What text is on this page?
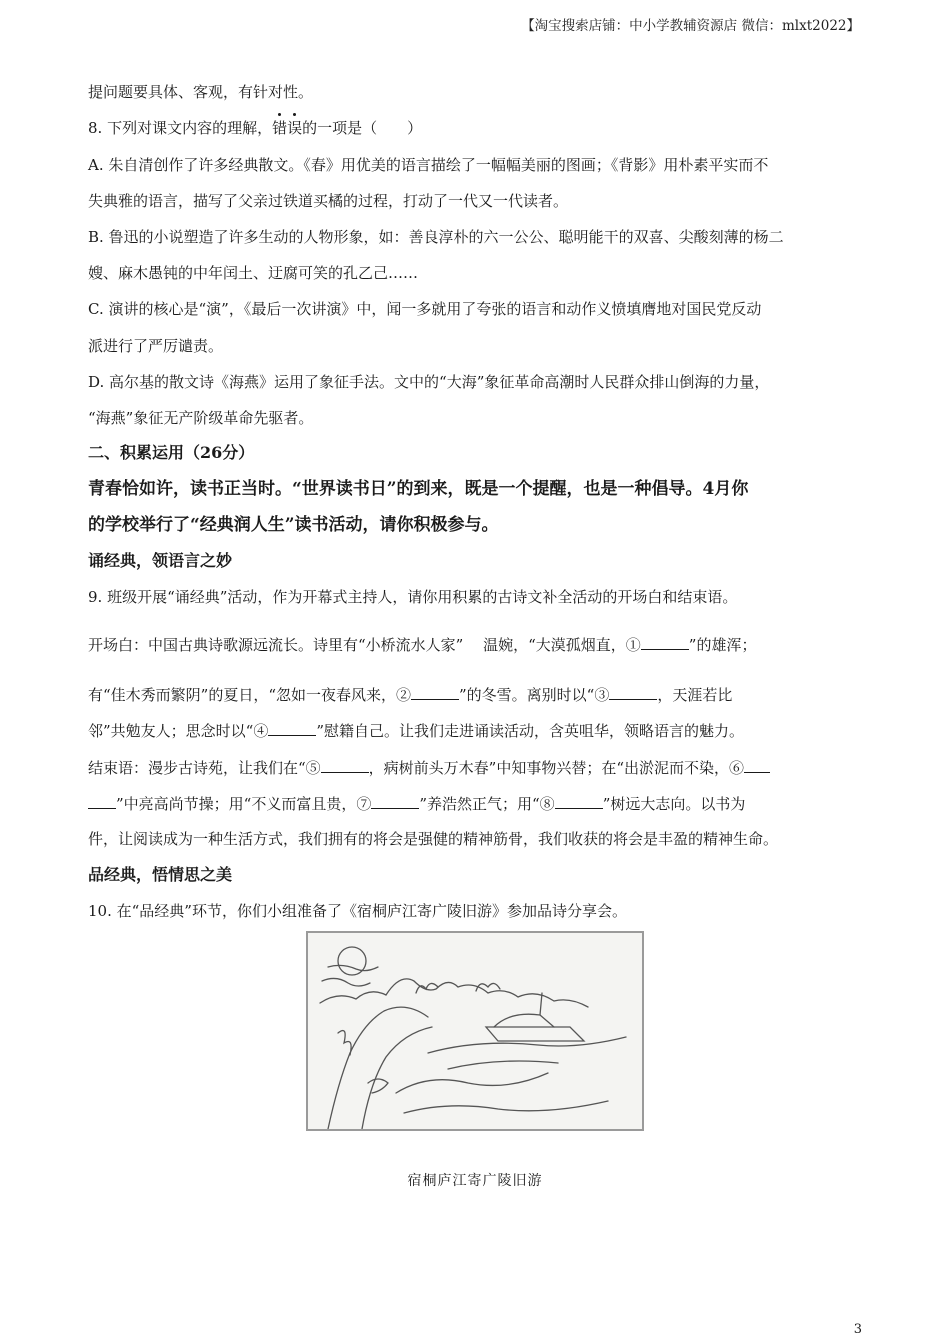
【淘宝搜索店铺：中小学教辅资源店 微信：mlxt2022】
提问题要具体、客观，有针对性。
8. 下列对课文内容的理解，错误的一项是（　　）
A. 朱自清创作了许多经典散文。《春》用优美的语言描绘了一幅幅美丽的图画；《背影》用朴素平实而不
失典雅的语言，描写了父亲过铁道买橘的过程，打动了一代又一代读者。
B. 鲁迅的小说塑造了许多生动的人物形象，如：善良淳朴的六一公公、聪明能干的双喜、尖酸刻薄的杨二
嫂、麻木愚钝的中年闰土、迂腐可笑的孔乙己……
C. 演讲的核心是“演”，《最后一次讲演》中，闻一多就用了夸张的语言和动作义愤填膺地对国民党反动
派进行了严厉谴责。
D. 高尔基的散文诗《海燕》运用了象征手法。文中的“大海”象征革命高潮时人民群众排山倒海的力量，
“海燕”象征无产阶级革命先驱者。
二、积累运用（26分）
青春恰如许，读书正当时。“世界读书日”的到来，既是一个提醒，也是一种倡导。4月你
的学校举行了“经典润人生”读书活动，请你积极参与。
诵经典，领语言之妙
9. 班级开展“诵经典”活动，作为开幕式主持人，请你用积累的古诗文补全活动的开场白和结束语。
开场白：中国古典诗歌源远流长。诗里有“小桥流水人家”　 温婉，“大漠孤烟直，①	”的雄浑；
有“佳木秀而繁阴”的夏日，“忽如一夜春风来，②	”的冬雪。离别时以“③	，天涯若比
邻”共勉友人；思念时以“④	”慰籍自己。让我们走进诵读活动，含英咀华，领略语言的魅力。
结束语：漫步古诗苑，让我们在“⑤	，病树前头万木春”中知事物兴替；在“出淤泥而不染，⑥
”中亮高尚节操；用“不义而富且贵，⑦	”养浩然正气；用“⑧	”树远大志向。以书为
件，让阅读成为一种生活方式，我们拥有的将会是强健的精神筋骨，我们收获的将会是丰盈的精神生命。
品经典，悟情思之美
10. 在“品经典”环节，你们小组准备了《宿桐庐江寄广陵旧游》参加品诗分享会。
宿桐庐江寄广陵旧游
3
